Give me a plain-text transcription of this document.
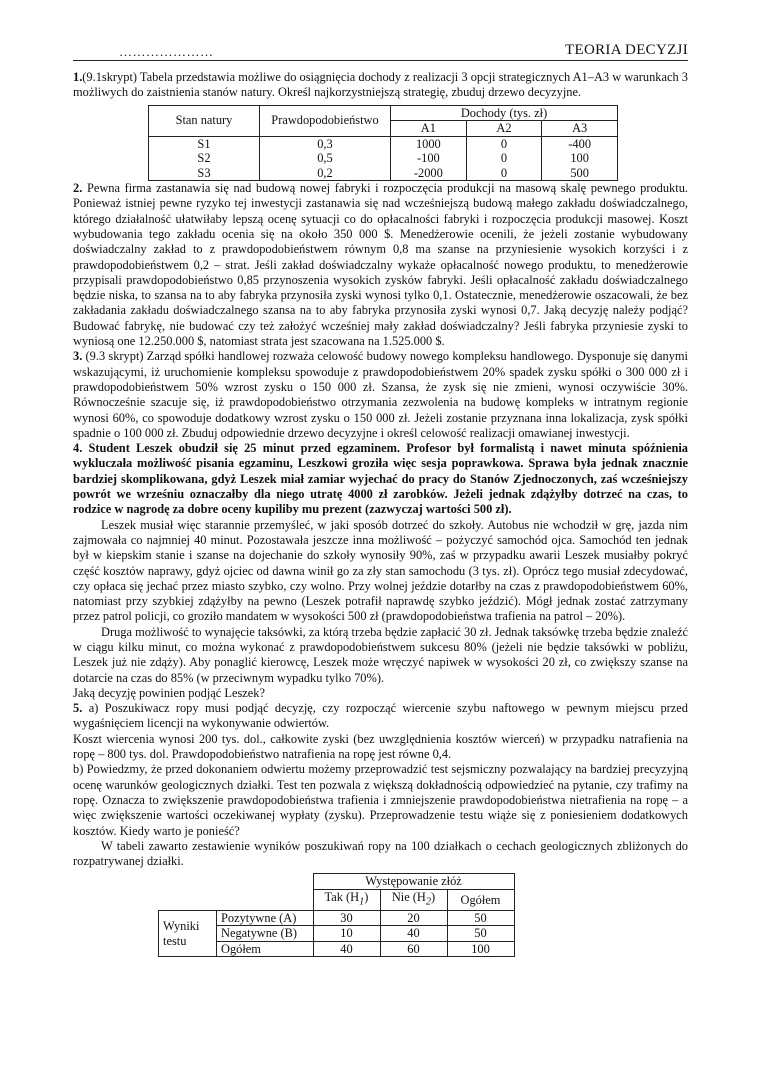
…………………	TEORIA DECYZJI

1.(9.1skrypt) Tabela przedstawia możliwe do osiągnięcia dochody z realizacji 3 opcji strategicznych A1–A3 w warunkach 3 możliwych do zaistnienia stanów natury. Określ najkorzystniejszą strategię, zbuduj drzewo decyzyjne.

Stan natury	Prawdopodobieństwo	Dochody (tys. zł)		
		A1	A2	A3
S1	0,3	1000	0	-400
S2	0,5	-100	0	100
S3	0,2	-2000	0	500

2. Pewna firma zastanawia się nad budową nowej fabryki i rozpoczęcia produkcji na masową skalę pewnego produktu. Ponieważ istniej pewne ryzyko tej inwestycji zastanawia się nad wcześniejszą budową małego zakładu doświadczalnego, którego działalność ułatwiłaby lepszą ocenę sytuacji co do opłacalności fabryki i rozpoczęcia produkcji masowej. Koszt wybudowania tego zakładu ocenia się na około 350 000 $. Menedżerowie ocenili, że jeżeli zostanie wybudowany doświadczalny zakład to z prawdopodobieństwem równym 0,8 ma szanse na przyniesienie wysokich korzyści i z prawdopodobieństwem 0,2 – strat. Jeśli zakład doświadczalny wykaże opłacalność nowego produktu, to menedżerowie przypisali prawdopodobieństwo 0,85 przynoszenia wysokich zysków fabryki. Jeśli opłacalność zakładu doświadczalnego będzie niska, to szansa na to aby fabryka przynosiła zyski wynosi tylko 0,1. Ostatecznie, menedżerowie oszacowali, że bez zakładania zakładu doświadczalnego szansa na to aby fabryka przynosiła zyski wynosi 0,7. Jaką decyzję należy podjąć? Budować fabrykę, nie budować czy też założyć wcześniej mały zakład doświadczalny? Jeśli fabryka przyniesie zyski to wyniosą one 12.250.000 $, natomiast strata jest szacowana na 1.525.000 $.

3. (9.3 skrypt) Zarząd spółki handlowej rozważa celowość budowy nowego kompleksu handlowego. Dysponuje się danymi wskazującymi, iż uruchomienie kompleksu spowoduje z prawdopodobieństwem 20% spadek zysku spółki o 300 000 zł i prawdopodobieństwem 50% wzrost zysku o 150 000 zł. Szansa, że zysk się nie zmieni, wynosi oczywiście 30%. Równocześnie szacuje się, iż prawdopodobieństwo otrzymania zezwolenia na budowę kompleks w intratnym regionie wynosi 60%, co spowoduje dodatkowy wzrost zysku o 150 000 zł. Jeżeli zostanie przyznana inna lokalizacja, zysk spółki spadnie o 100 000 zł. Zbuduj odpowiednie drzewo decyzyjne i określ celowość realizacji omawianej inwestycji.

4. Student Leszek obudził się 25 minut przed egzaminem. Profesor był formalistą i nawet minuta spóźnienia wykluczała możliwość pisania egzaminu, Leszkowi groziła więc sesja poprawkowa. Sprawa była jednak znacznie bardziej skomplikowana, gdyż Leszek miał zamiar wyjechać do pracy do Stanów Zjednoczonych, zaś wcześniejszy powrót we wrześniu oznaczałby dla niego utratę 4000 zł zarobków. Jeżeli jednak zdążyłby dotrzeć na czas, to rodzice w nagrodę za dobre oceny kupiliby mu prezent (zazwyczaj wartości 500 zł).

Leszek musiał więc starannie przemyśleć, w jaki sposób dotrzeć do szkoły. Autobus nie wchodził w grę, jazda nim zajmowała co najmniej 40 minut. Pozostawała jeszcze inna możliwość – pożyczyć samochód ojca. Samochód ten jednak był w kiepskim stanie i szanse na dojechanie do szkoły wynosiły 90%, zaś w przypadku awarii Leszek musiałby pokryć część kosztów naprawy, gdyż ojciec od dawna winił go za zły stan samochodu (3 tys. zł). Oprócz tego musiał zdecydować, czy opłaca się jechać przez miasto szybko, czy wolno. Przy wolnej jeździe dotarłby na czas z prawdopodobieństwem 60%, natomiast przy szybkiej zdążyłby na pewno (Leszek potrafił naprawdę szybko jeździć). Mógł jednak zostać zatrzymany przez patrol policji, co groziło mandatem w wysokości 500 zł (prawdopodobieństwa trafienia na patrol – 20%).

Druga możliwość to wynajęcie taksówki, za którą trzeba będzie zapłacić 30 zł. Jednak taksówkę trzeba będzie znaleźć w ciągu kilku minut, co można wykonać z prawdopodobieństwem sukcesu 80% (jeżeli nie będzie taksówki w pobliżu, Leszek już nie zdąży). Aby ponaglić kierowcę, Leszek może wręczyć napiwek w wysokości 20 zł, co zwiększy szanse na dotarcie na czas do 85% (w przeciwnym wypadku tylko 70%).

Jaką decyzję powinien podjąć Leszek?

5. a) Poszukiwacz ropy musi podjąć decyzję, czy rozpocząć wiercenie szybu naftowego w pewnym miejscu przed wygaśnięciem licencji na wykonywanie odwiertów.

Koszt wiercenia wynosi 200 tys. dol., całkowite zyski (bez uwzględnienia kosztów wierceń) w przypadku natrafienia na ropę – 800 tys. dol. Prawdopodobieństwo natrafienia na ropę jest równe 0,4.

b) Powiedzmy, że przed dokonaniem odwiertu możemy przeprowadzić test sejsmiczny pozwalający na bardziej precyzyjną ocenę warunków geologicznych działki. Test ten pozwala z większą dokładnością odpowiedzieć na pytanie, czy trafimy na ropę. Oznacza to zwiększenie prawdopodobieństwa trafienia i zmniejszenie prawdopodobieństwa nietrafienia na ropę – a więc zwiększenie wartości oczekiwanej wypłaty (zysku). Przeprowadzenie testu wiąże się z poniesieniem dodatkowych kosztów. Kiedy warto je ponieść?

W tabeli zawarto zestawienie wyników poszukiwań ropy na 100 działkach o cechach geologicznych zbliżonych do rozpatrywanej działki.

		Występowanie złóż		
		Tak $(H_1)$	Nie $(H_2)$	Ogółem
Wyniki testu	Pozytywne (A)	30	20	50
	Negatywne (B)	10	40	50
	Ogółem	40	60	100
